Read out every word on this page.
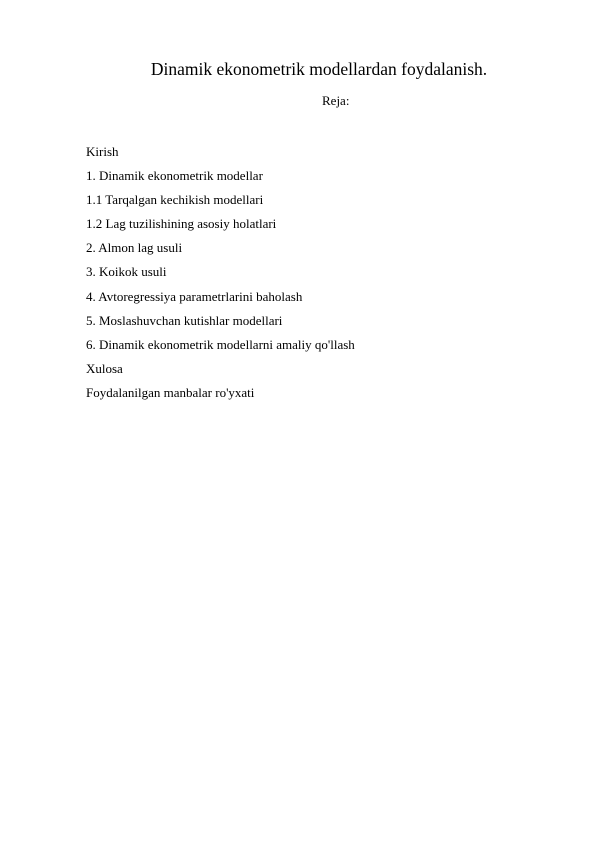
Dinamik ekonometrik modellardan foydalanish.
Reja:
Kirish
1. Dinamik ekonometrik modellar
1.1 Tarqalgan kechikish modellari
1.2 Lag tuzilishining asosiy holatlari
2. Almon lag usuli
3. Koikok usuli
4. Avtoregressiya parametrlarini baholash
5. Moslashuvchan kutishlar modellari
6. Dinamik ekonometrik modellarni amaliy qo'llash
Xulosa
Foydalanilgan manbalar ro'yxati
